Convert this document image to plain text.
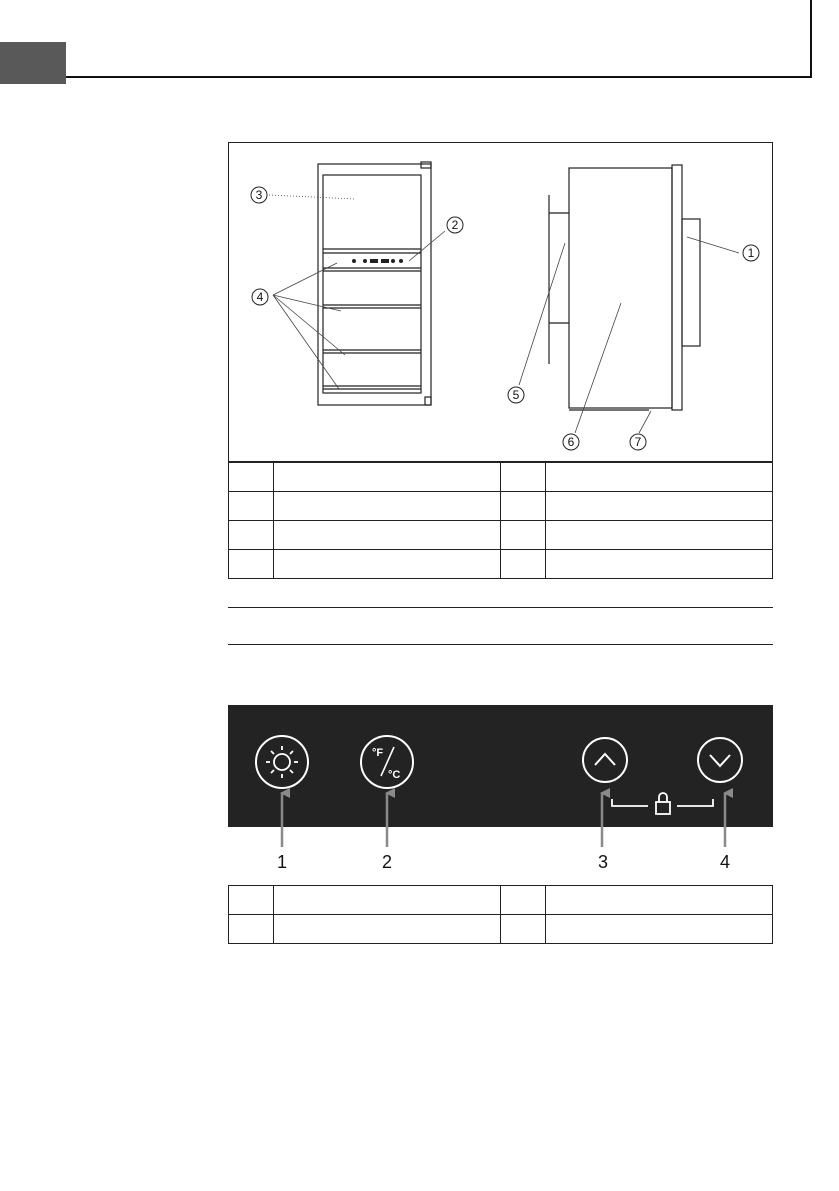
1
2
3
4
5
6	7

°F
°C
1	2	3	4
